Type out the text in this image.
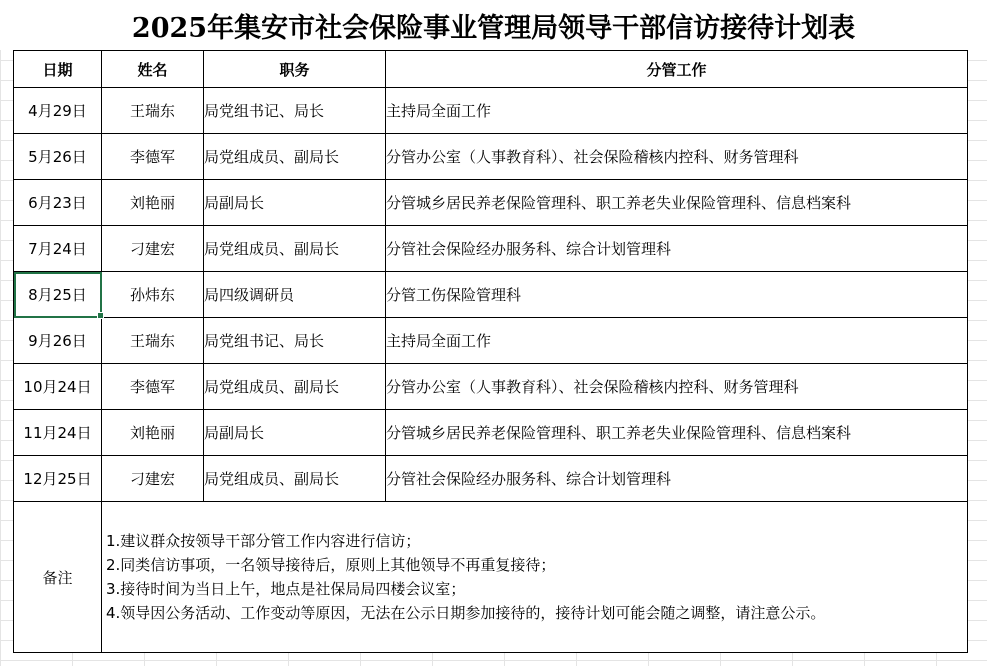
2025年集安市社会保险事业管理局领导干部信访接待计划表
日期	姓名	职务	分管工作
4月29日	王瑞东	局党组书记、局长	主持局全面工作
5月26日	李德军	局党组成员、副局长	分管办公室（人事教育科）、社会保险稽核内控科、财务管理科
6月23日	刘艳丽	局副局长	分管城乡居民养老保险管理科、职工养老失业保险管理科、信息档案科
7月24日	刁建宏	局党组成员、副局长	分管社会保险经办服务科、综合计划管理科
8月25日	孙炜东	局四级调研员	分管工伤保险管理科
9月26日	王瑞东	局党组书记、局长	主持局全面工作
10月24日	李德军	局党组成员、副局长	分管办公室（人事教育科）、社会保险稽核内控科、财务管理科
11月24日	刘艳丽	局副局长	分管城乡居民养老保险管理科、职工养老失业保险管理科、信息档案科
12月25日	刁建宏	局党组成员、副局长	分管社会保险经办服务科、综合计划管理科
备注	1.建议群众按领导干部分管工作内容进行信访；
2.同类信访事项，一名领导接待后，原则上其他领导不再重复接待；
3.接待时间为当日上午，地点是社保局局四楼会议室；
4.领导因公务活动、工作变动等原因，无法在公示日期参加接待的，接待计划可能会随之调整，请注意公示。		
